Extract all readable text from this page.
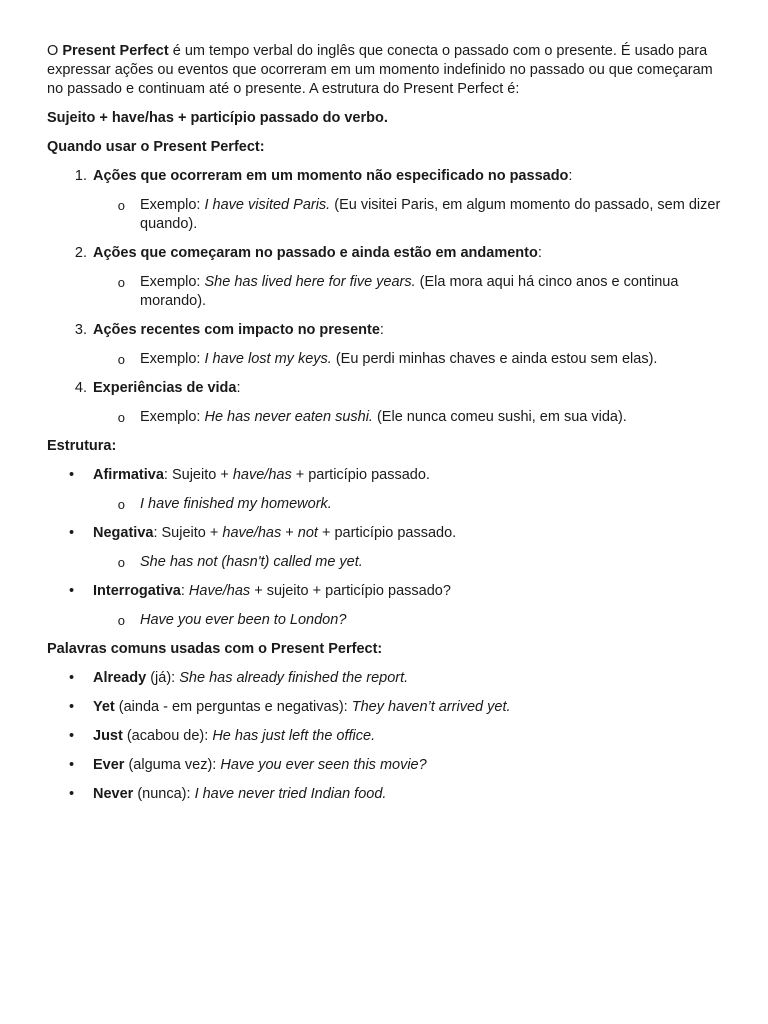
O Present Perfect é um tempo verbal do inglês que conecta o passado com o presente. É usado para expressar ações ou eventos que ocorreram em um momento indefinido no passado ou que começaram no passado e continuam até o presente. A estrutura do Present Perfect é:

Sujeito + have/has + particípio passado do verbo.

Quando usar o Present Perfect:

1. Ações que ocorreram em um momento não especificado no passado:
o	Exemplo: I have visited Paris. (Eu visitei Paris, em algum momento do passado, sem dizer quando).
2. Ações que começaram no passado e ainda estão em andamento:
o	Exemplo: She has lived here for five years. (Ela mora aqui há cinco anos e continua morando).
3. Ações recentes com impacto no presente:
o	Exemplo: I have lost my keys. (Eu perdi minhas chaves e ainda estou sem elas).
4. Experiências de vida:
o	Exemplo: He has never eaten sushi. (Ele nunca comeu sushi, em sua vida).

Estrutura:

•	Afirmativa: Sujeito + have/has + particípio passado.
o	I have finished my homework.
•	Negativa: Sujeito + have/has + not + particípio passado.
o	She has not (hasn't) called me yet.
•	Interrogativa: Have/has + sujeito + particípio passado?
o	Have you ever been to London?

Palavras comuns usadas com o Present Perfect:

•	Already (já): She has already finished the report.
•	Yet (ainda - em perguntas e negativas): They haven’t arrived yet.
•	Just (acabou de): He has just left the office.
•	Ever (alguma vez): Have you ever seen this movie?
•	Never (nunca): I have never tried Indian food.
